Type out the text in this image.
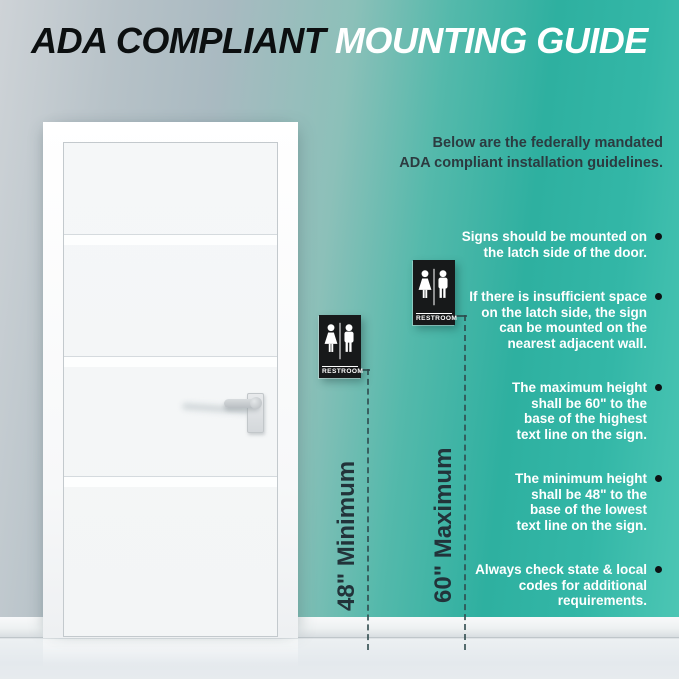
ADA COMPLIANT MOUNTING GUIDE
Below are the federally mandated
ADA compliant installation guidelines.
RESTROOM
RESTROOM
48" Minimum	60" Maximum
Signs should be mounted on
the latch side of the door.
If there is insufficient space
on the latch side, the sign
can be mounted on the
nearest adjacent wall.
The maximum height
shall be 60" to the
base of the highest
text line on the sign.
The minimum height
shall be 48" to the
base of the lowest
text line on the sign.
Always check state & local
codes for additional
requirements.
